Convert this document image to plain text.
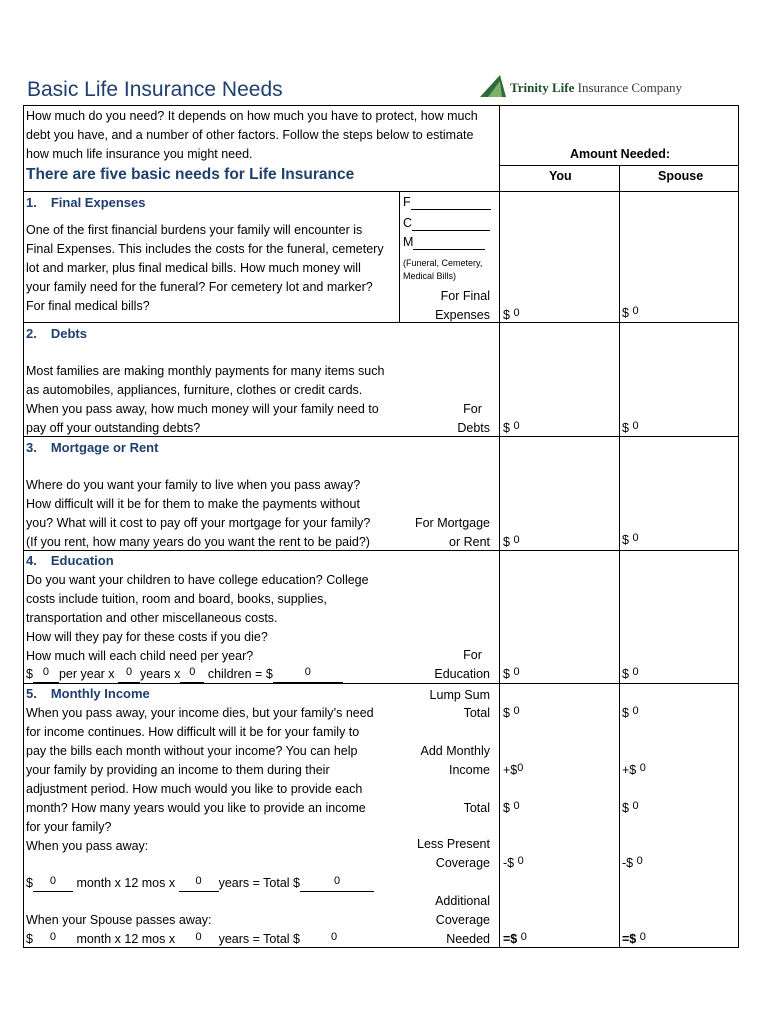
Basic Life Insurance Needs	Trinity Life Insurance Company
How much do you need? It depends on how much you have to protect, how much
debt you have, and a number of other factors. Follow the steps below to estimate
how much life insurance you might need.	Amount Needed:
There are five basic needs for Life Insurance	You	Spouse
1. Final Expenses
One of the first financial burdens your family will encounter is
Final Expenses. This includes the costs for the funeral, cemetery
lot and marker, plus final medical bills. How much money will
your family need for the funeral? For cemetery lot and marker?
For final medical bills?
F
C
M
(Funeral, Cemetery,
Medical Bills)
For Final
Expenses $ 0	$ 0
2. Debts
Most families are making monthly payments for many items such
as automobiles, appliances, furniture, clothes or credit cards.
When you pass away, how much money will your family need to
pay off your outstanding debts?
For
Debts $ 0	$ 0
3. Mortgage or Rent
Where do you want your family to live when you pass away?
How difficult will it be for them to make the payments without
you? What will it cost to pay off your mortgage for your family?
(If you rent, how many years do you want the rent to be paid?)
For Mortgage
or Rent $ 0	$ 0
4. Education
Do you want your children to have college education? College
costs include tuition, room and board, books, supplies,
transportation and other miscellaneous costs.
How will they pay for these costs if you die?
How much will each child need per year?
$ 0 per year x 0 years x 0 children = $	0
For
Education $ 0	$ 0
5. Monthly Income
When you pass away, your income dies, but your family’s need
for income continues. How difficult will it be for your family to
pay the bills each month without your income? You can help
your family by providing an income to them during their
adjustment period. How much would you like to provide each
month? How many years would you like to provide an income
for your family?
When you pass away:
$ 0 month x 12 mos x 0 years = Total $	0
When your Spouse passes away:
$ 0 month x 12 mos x 0 years = Total $	0
Lump Sum
Total $ 0	$ 0
Add Monthly
Income +$0	+$ 0
Total $ 0	$ 0
Less Present
Coverage -$ 0	-$ 0
Additional
Coverage
Needed =$ 0	=$ 0
